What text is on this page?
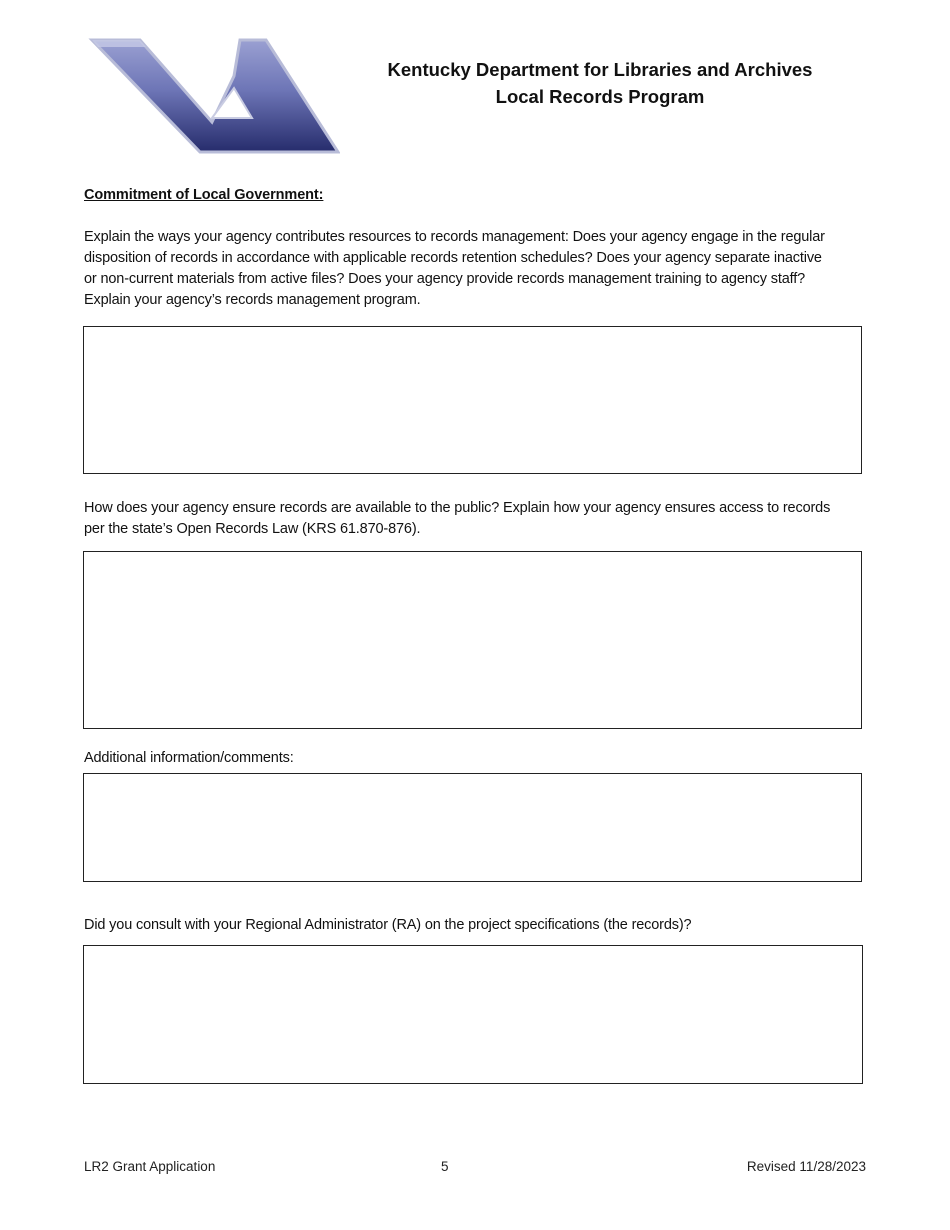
Kentucky Department for Libraries and Archives
Local Records Program
Commitment of Local Government:
Explain the ways your agency contributes resources to records management: Does your agency engage in the regular
disposition of records in accordance with applicable records retention schedules? Does your agency separate inactive
or non-current materials from active files? Does your agency provide records management training to agency staff?
Explain your agency’s records management program.
How does your agency ensure records are available to the public? Explain how your agency ensures access to records
per the state’s Open Records Law (KRS 61.870-876).
Additional information/comments:
Did you consult with your Regional Administrator (RA) on the project specifications (the records)?
LR2 Grant Application	5	Revised 11/28/2023
